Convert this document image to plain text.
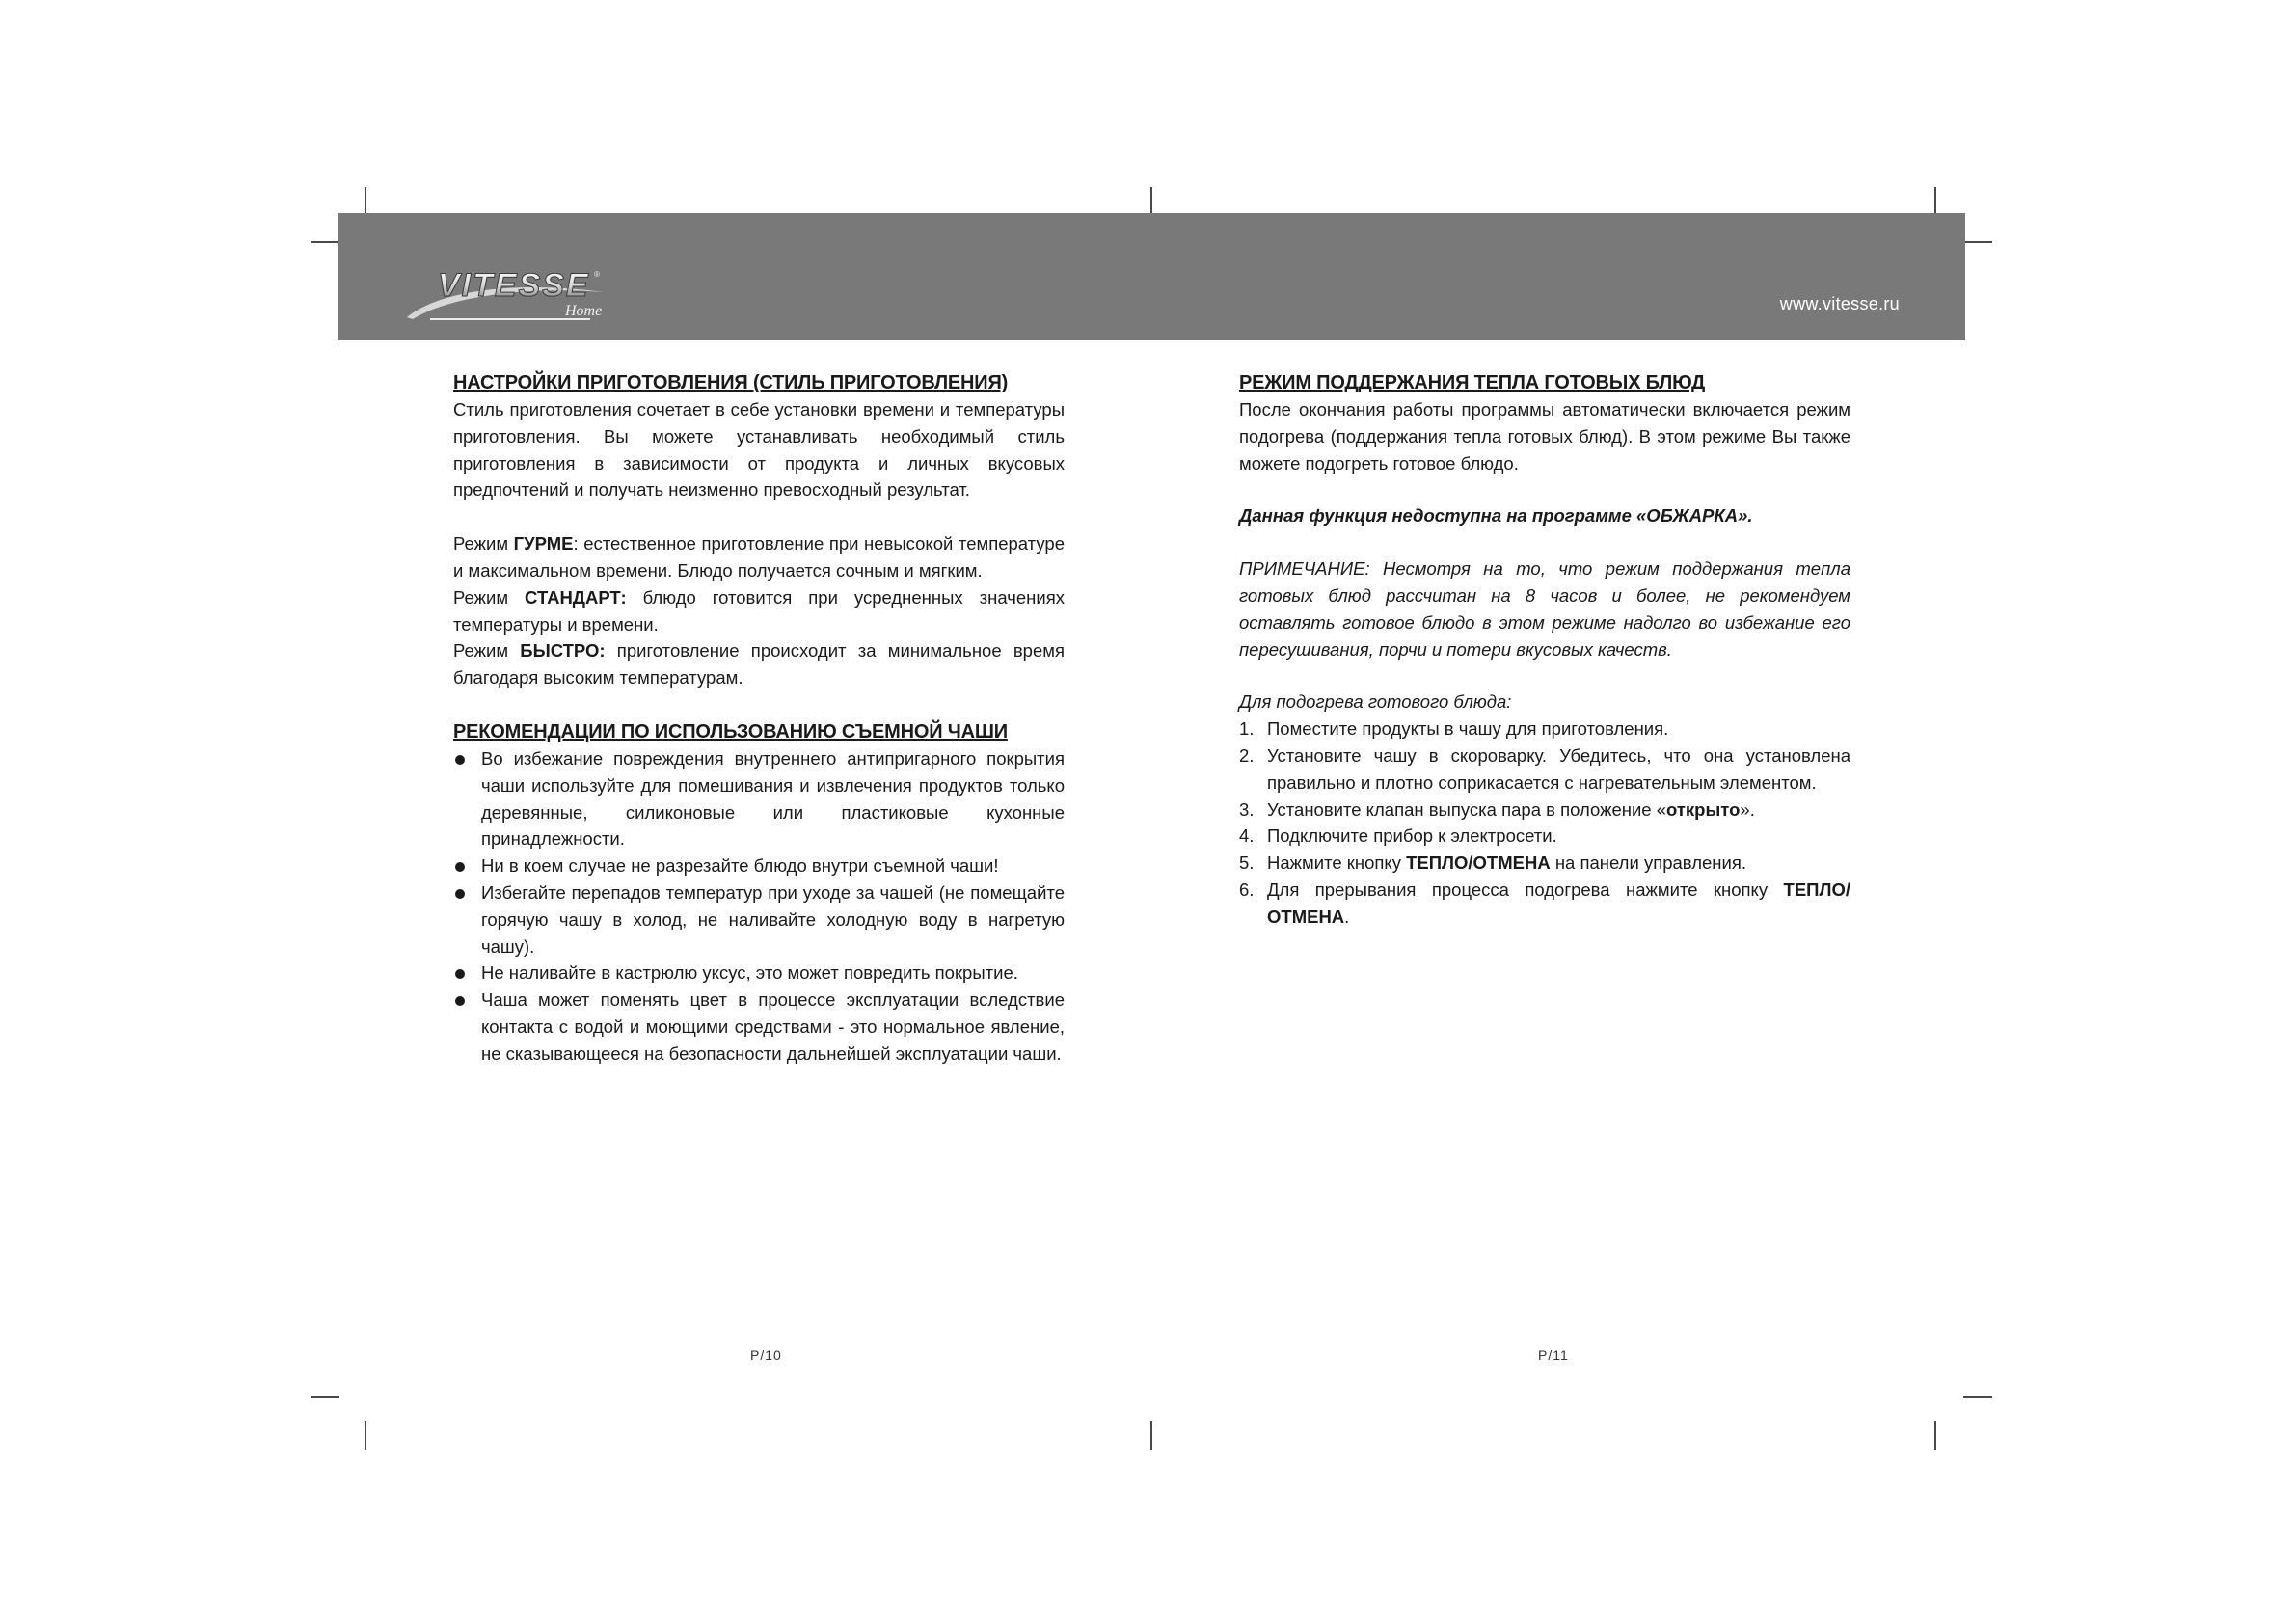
VITESSE
Home
®
www.vitesse.ru
НАСТРОЙКИ ПРИГОТОВЛЕНИЯ (СТИЛЬ ПРИГОТОВЛЕНИЯ)

Стиль приготовления сочетает в себе установки времени и температуры приготовления. Вы можете устанавливать необходимый стиль приготовления в зависимости от продукта и личных вкусовых предпочтений и получать неизменно превосходный результат.

Режим ГУРМЕ: естественное приготовление при невысокой температуре и максимальном времени. Блюдо получается сочным и мягким.

Режим СТАНДАРТ: блюдо готовится при усредненных значениях температуры и времени.

Режим БЫСТРО: приготовление происходит за минимальное время благодаря высоким температурам.

РЕКОМЕНДАЦИИ ПО ИСПОЛЬЗОВАНИЮ СЪЕМНОЙ ЧАШИ
Во избежание повреждения внутреннего антипригарного покрытия чаши используйте для помешивания и извлечения продуктов только деревянные, силиконовые или пластиковые кухонные принадлежности.
Ни в коем случае не разрезайте блюдо внутри съемной чаши!
Избегайте перепадов температур при уходе за чашей (не помещайте горячую чашу в холод, не наливайте холодную воду в нагретую чашу).
Не наливайте в кастрюлю уксус, это может повредить покрытие.
Чаша может поменять цвет в процессе эксплуатации вследствие контакта с водой и моющими средствами - это нормальное явление, не сказывающееся на безопасности дальнейшей эксплуатации чаши.
РЕЖИМ ПОДДЕРЖАНИЯ ТЕПЛА ГОТОВЫХ БЛЮД

После окончания работы программы автоматически включается режим подогрева (поддержания тепла готовых блюд). В этом режиме Вы также можете подогреть готовое блюдо.

Данная функция недоступна на программе «ОБЖАРКА».

ПРИМЕЧАНИЕ: Несмотря на то, что режим поддержания тепла готовых блюд рассчитан на 8 часов и более, не рекомендуем оставлять готовое блюдо в этом режиме надолго во избежание его пересушивания, порчи и потери вкусовых качеств.

Для подогрева готового блюда:

1. Поместите продукты в чашу для приготовления.
2. Установите чашу в скороварку. Убедитесь, что она установлена правильно и плотно соприкасается с нагревательным элементом.
3. Установите клапан выпуска пара в положение «открыто».
4. Подключите прибор к электросети.
5. Нажмите кнопку ТЕПЛО/ОТМЕНА на панели управления.
6. Для прерывания процесса подогрева нажмите кнопку ТЕПЛО/ОТМЕНА.
P/10	P/11
